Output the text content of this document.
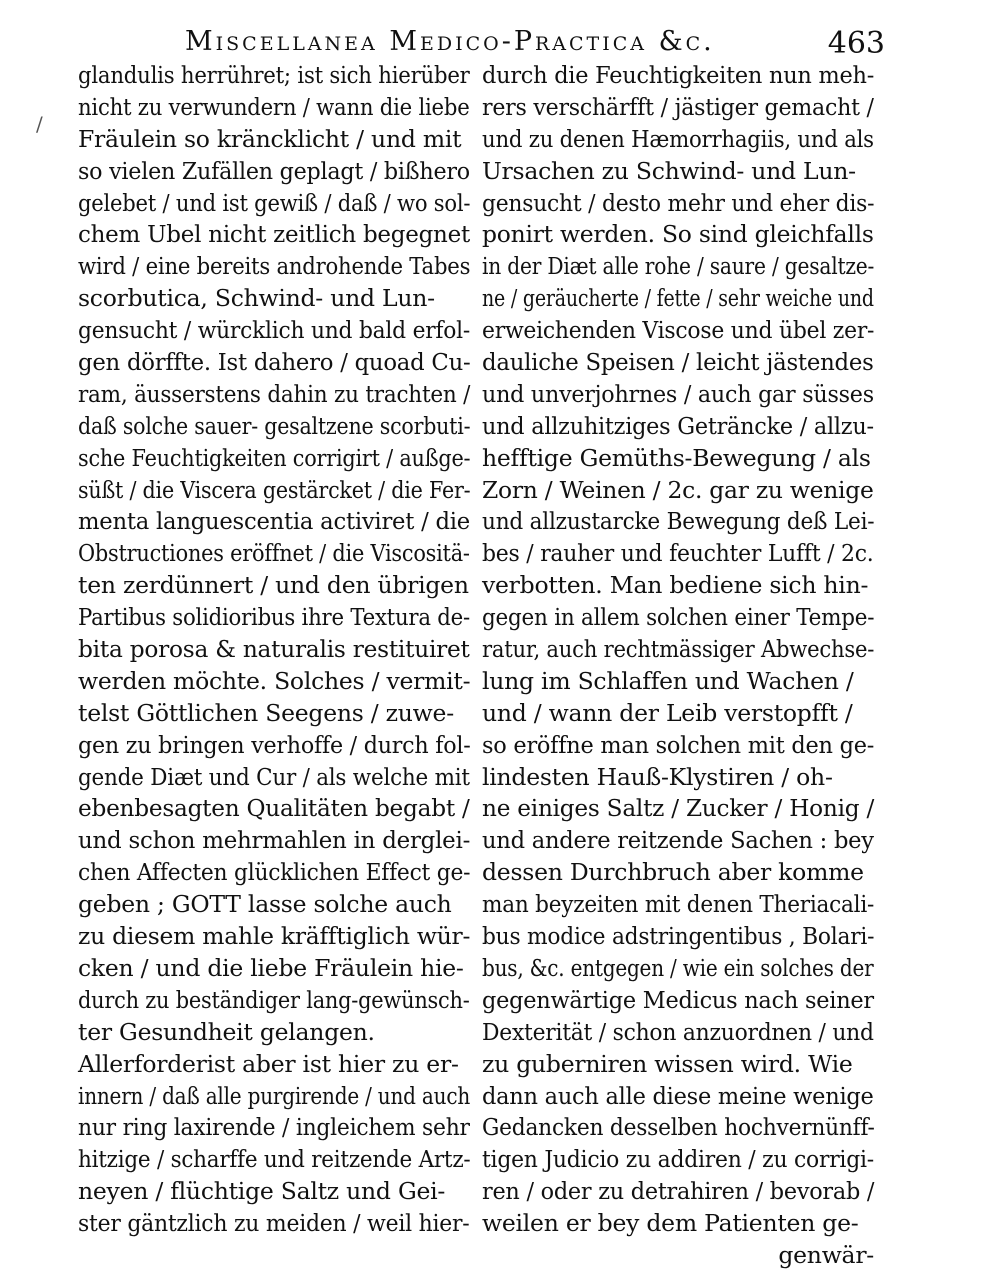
Miscellanea Medico-Practica &c.	463
/
glandulis herrühret; ist sich hierüber
nicht zu verwundern / wann die liebe
Fräulein so kräncklicht / und mit
so vielen Zufällen geplagt / bißhero
gelebet / und ist gewiß / daß / wo sol-
chem Ubel nicht zeitlich begegnet
wird / eine bereits androhende Tabes
scorbutica, Schwind- und Lun-
gensucht / würcklich und bald erfol-
gen dörffte. Ist dahero / quoad Cu-
ram, äusserstens dahin zu trachten /
daß solche sauer- gesaltzene scorbuti-
sche Feuchtigkeiten corrigirt / außge-
süßt / die Viscera gestärcket / die Fer-
menta languescentia activiret / die
Obstructiones eröffnet / die Viscositä-
ten zerdünnert / und den übrigen
Partibus solidioribus ihre Textura de-
bita porosa & naturalis restituiret
werden möchte. Solches / vermit-
telst Göttlichen Seegens / zuwe-
gen zu bringen verhoffe / durch fol-
gende Diæt und Cur / als welche mit
ebenbesagten Qualitäten begabt /
und schon mehrmahlen in derglei-
chen Affecten glücklichen Effect ge-
geben ; GOTT lasse solche auch
zu diesem mahle kräfftiglich wür-
cken / und die liebe Fräulein hie-
durch zu beständiger lang-gewünsch-
ter Gesundheit gelangen.
Allerforderist aber ist hier zu er-
innern / daß alle purgirende / und auch
nur ring laxirende / ingleichem sehr
hitzige / scharffe und reitzende Artz-
neyen / flüchtige Saltz und Gei-
ster gäntzlich zu meiden / weil hier-
durch die Feuchtigkeiten nun meh-
rers verschärfft / jästiger gemacht /
und zu denen Hæmorrhagiis, und als
Ursachen zu Schwind- und Lun-
gensucht / desto mehr und eher dis-
ponirt werden. So sind gleichfalls
in der Diæt alle rohe / saure / gesaltze-
ne / geräucherte / fette / sehr weiche und
erweichenden Viscose und übel zer-
dauliche Speisen / leicht jästendes
und unverjohrnes / auch gar süsses
und allzuhitziges Geträncke / allzu-
hefftige Gemüths-Bewegung / als
Zorn / Weinen / 2c. gar zu wenige
und allzustarcke Bewegung deß Lei-
bes / rauher und feuchter Lufft / 2c.
verbotten. Man bediene sich hin-
gegen in allem solchen einer Tempe-
ratur, auch rechtmässiger Abwechse-
lung im Schlaffen und Wachen /
und / wann der Leib verstopfft /
so eröffne man solchen mit den ge-
lindesten Hauß-Klystiren / oh-
ne einiges Saltz / Zucker / Honig /
und andere reitzende Sachen : bey
dessen Durchbruch aber komme
man beyzeiten mit denen Theriacali-
bus modice adstringentibus , Bolari-
bus, &c. entgegen / wie ein solches der
gegenwärtige Medicus nach seiner
Dexterität / schon anzuordnen / und
zu guberniren wissen wird. Wie
dann auch alle diese meine wenige
Gedancken desselben hochvernünff-
tigen Judicio zu addiren / zu corrigi-
ren / oder zu detrahiren / bevorab /
weilen er bey dem Patienten ge-
genwär-
